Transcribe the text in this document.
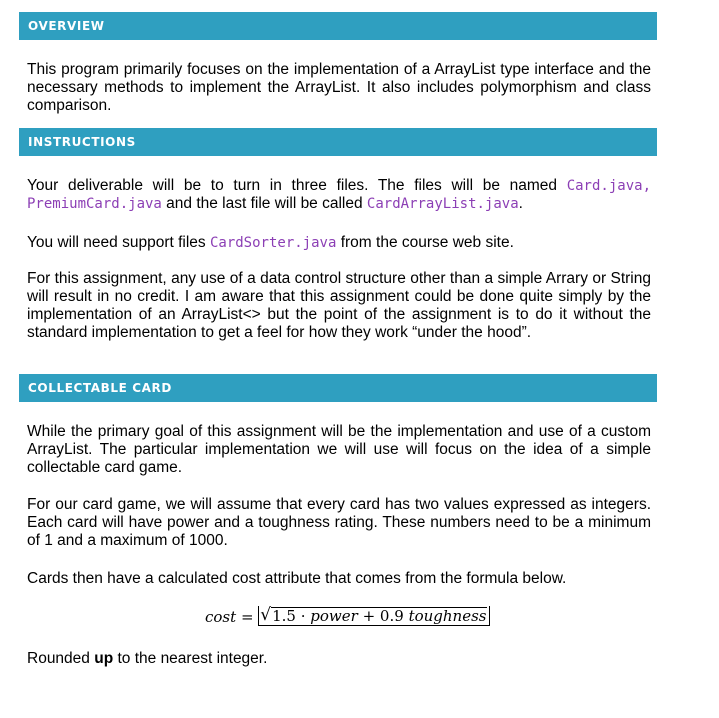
OVERVIEW

This program primarily focuses on the implementation of a ArrayList type interface and the necessary methods to implement the ArrayList. It also includes polymorphism and class comparison.

INSTRUCTIONS

Your deliverable will be to turn in three files. The files will be named Card.java, PremiumCard.java and the last file will be called CardArrayList.java.

You will need support files CardSorter.java from the course web site.

For this assignment, any use of a data control structure other than a simple Arrary or String will result in no credit. I am aware that this assignment could be done quite simply by the implementation of an ArrayList<> but the point of the assignment is to do it without the standard implementation to get a feel for how they work “under the hood”.

COLLECTABLE CARD

While the primary goal of this assignment will be the implementation and use of a custom ArrayList. The particular implementation we will use will focus on the idea of a simple collectable card game.

For our card game, we will assume that every card has two values expressed as integers. Each card will have power and a toughness rating. These numbers need to be a minimum of 1 and a maximum of 1000.

Cards then have a calculated cost attribute that comes from the formula below.

cost = √1.5 · power + 0.9 toughness

Rounded up to the nearest integer.
